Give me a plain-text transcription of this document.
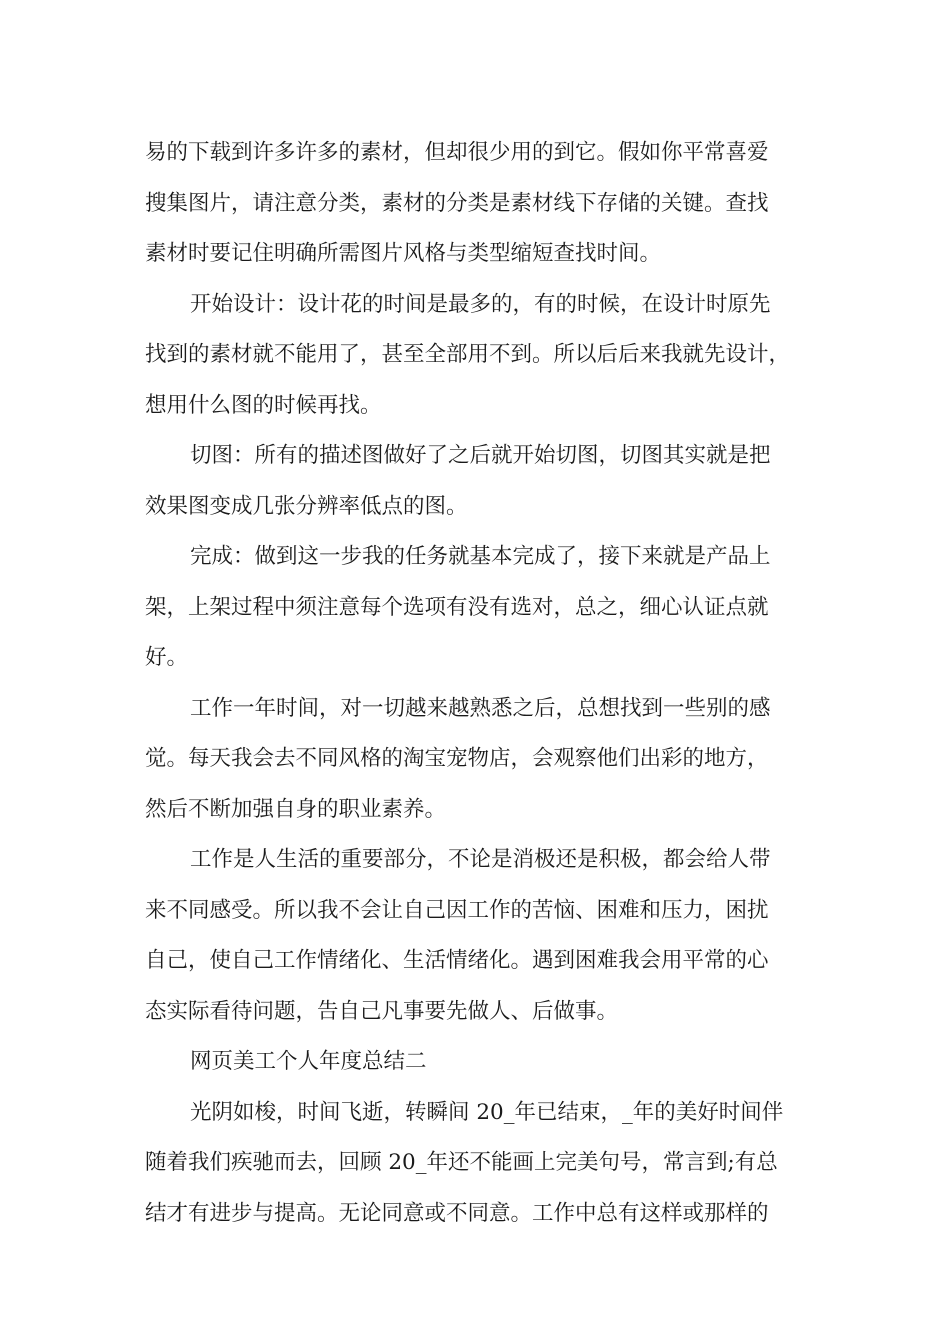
易的下载到许多许多的素材，但却很少用的到它。假如你平常喜爱
搜集图片，请注意分类，素材的分类是素材线下存储的关键。查找
素材时要记住明确所需图片风格与类型缩短查找时间。
开始设计：设计花的时间是最多的，有的时候，在设计时原先
找到的素材就不能用了，甚至全部用不到。所以后后来我就先设计，
想用什么图的时候再找。
切图：所有的描述图做好了之后就开始切图，切图其实就是把
效果图变成几张分辨率低点的图。
完成：做到这一步我的任务就基本完成了，接下来就是产品上
架，上架过程中须注意每个选项有没有选对，总之，细心认证点就
好。
工作一年时间，对一切越来越熟悉之后，总想找到一些别的感
觉。每天我会去不同风格的淘宝宠物店，会观察他们出彩的地方，
然后不断加强自身的职业素养。
工作是人生活的重要部分，不论是消极还是积极，都会给人带
来不同感受。所以我不会让自己因工作的苦恼、困难和压力，困扰
自己，使自己工作情绪化、生活情绪化。遇到困难我会用平常的心
态实际看待问题，告自己凡事要先做人、后做事。
网页美工个人年度总结二
光阴如梭，时间飞逝，转瞬间 20_年已结束，_年的美好时间伴
随着我们疾驰而去，回顾 20_年还不能画上完美句号，常言到;有总
结才有进步与提高。无论同意或不同意。工作中总有这样或那样的
